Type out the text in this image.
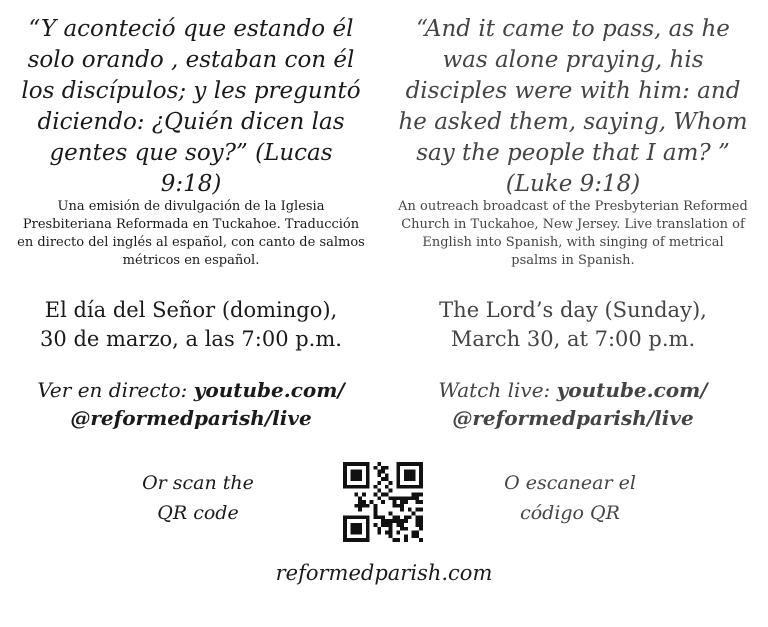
“Y aconteció que estando él solo orando , estaban con él los discípulos; y les preguntó diciendo: ¿Quién dicen las gentes que soy?” (Lucas 9:18)

Una emisión de divulgación de la Iglesia Presbiteriana Reformada en Tuckahoe. Traducción en directo del inglés al español, con canto de salmos métricos en español.

El día del Señor (domingo),
30 de marzo, a las 7:00 p.m.
Ver en directo: youtube.com/
@reformedparish/live

“And it came to pass, as he was alone praying, his disciples were with him: and he asked them, saying, Whom say the people that I am? ” (Luke 9:18)

An outreach broadcast of the Presbyterian Reformed Church in Tuckahoe, New Jersey. Live translation of English into Spanish, with singing of metrical psalms in Spanish.

The Lord’s day (Sunday),
March 30, at 7:00 p.m.
Watch live: youtube.com/
@reformedparish/live
Or scan the
QR code
O escanear el
código QR
reformedparish.com
